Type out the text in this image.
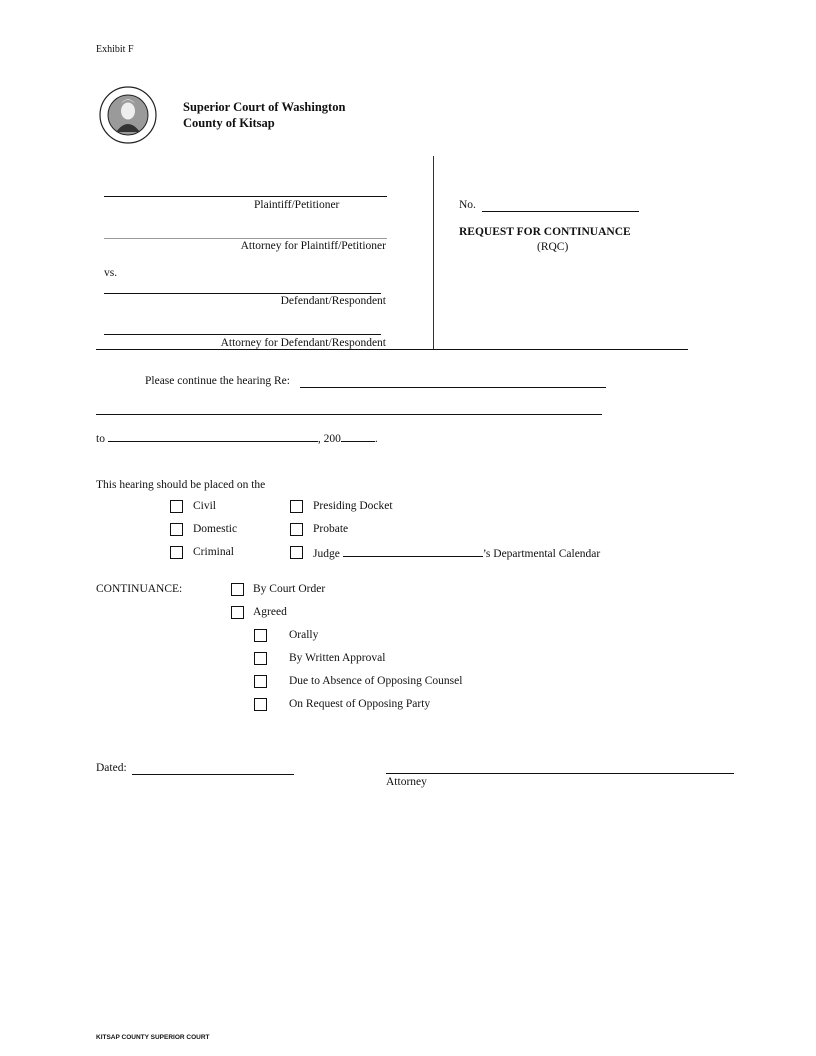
Exhibit F
Superior Court of Washington
County of Kitsap
Plaintiff/Petitioner
Attorney for Plaintiff/Petitioner
vs.
Defendant/Respondent
Attorney for Defendant/Respondent
No.
REQUEST FOR CONTINUANCE
(RQC)
Please continue the hearing Re:
to	, 200	.
This hearing should be placed on the
Civil
Domestic
Criminal
Presiding Docket
Probate
Judge	’s Departmental Calendar
CONTINUANCE:	By Court Order
Agreed
Orally
By Written Approval
Due to Absence of Opposing Counsel
On Request of Opposing Party
Dated:
Attorney
KITSAP COUNTY SUPERIOR COURT
